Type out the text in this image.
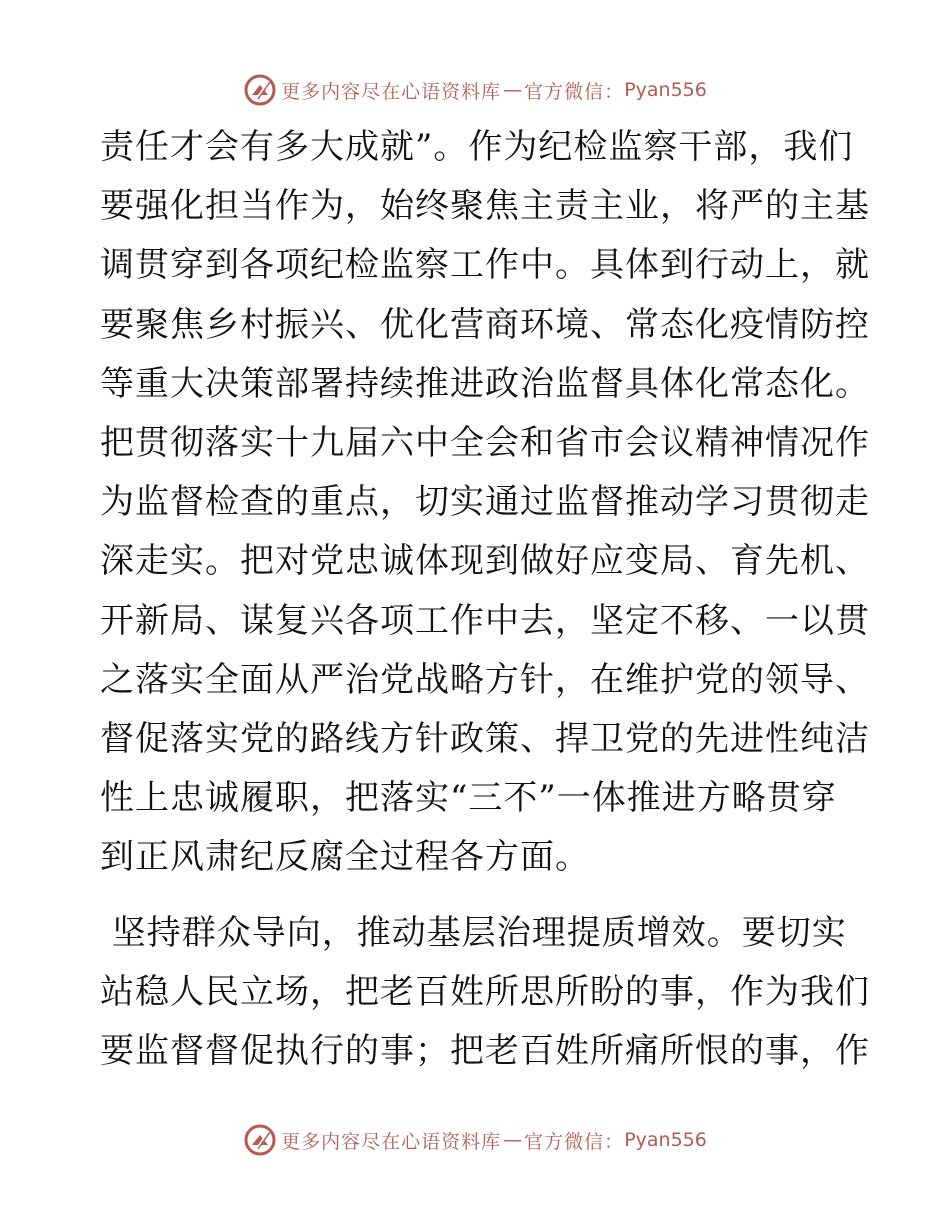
更多内容尽在心语资料库 — 官方微信： Pyan556

责任才会有多大成就”。作为纪检监察干部，我们
要强化担当作为，始终聚焦主责主业，将严的主基
调贯穿到各项纪检监察工作中。具体到行动上，就
要聚焦乡村振兴、优化营商环境、常态化疫情防控
等重大决策部署持续推进政治监督具体化常态化。
把贯彻落实十九届六中全会和省市会议精神情况作
为监督检查的重点，切实通过监督推动学习贯彻走
深走实。把对党忠诚体现到做好应变局、育先机、
开新局、谋复兴各项工作中去，坚定不移、一以贯
之落实全面从严治党战略方针，在维护党的领导、
督促落实党的路线方针政策、捍卫党的先进性纯洁
性上忠诚履职，把落实“三不”一体推进方略贯穿
到正风肃纪反腐全过程各方面。

坚持群众导向，推动基层治理提质增效。要切实
站稳人民立场，把老百姓所思所盼的事，作为我们
要监督督促执行的事；把老百姓所痛所恨的事，作

更多内容尽在心语资料库 — 官方微信： Pyan556
